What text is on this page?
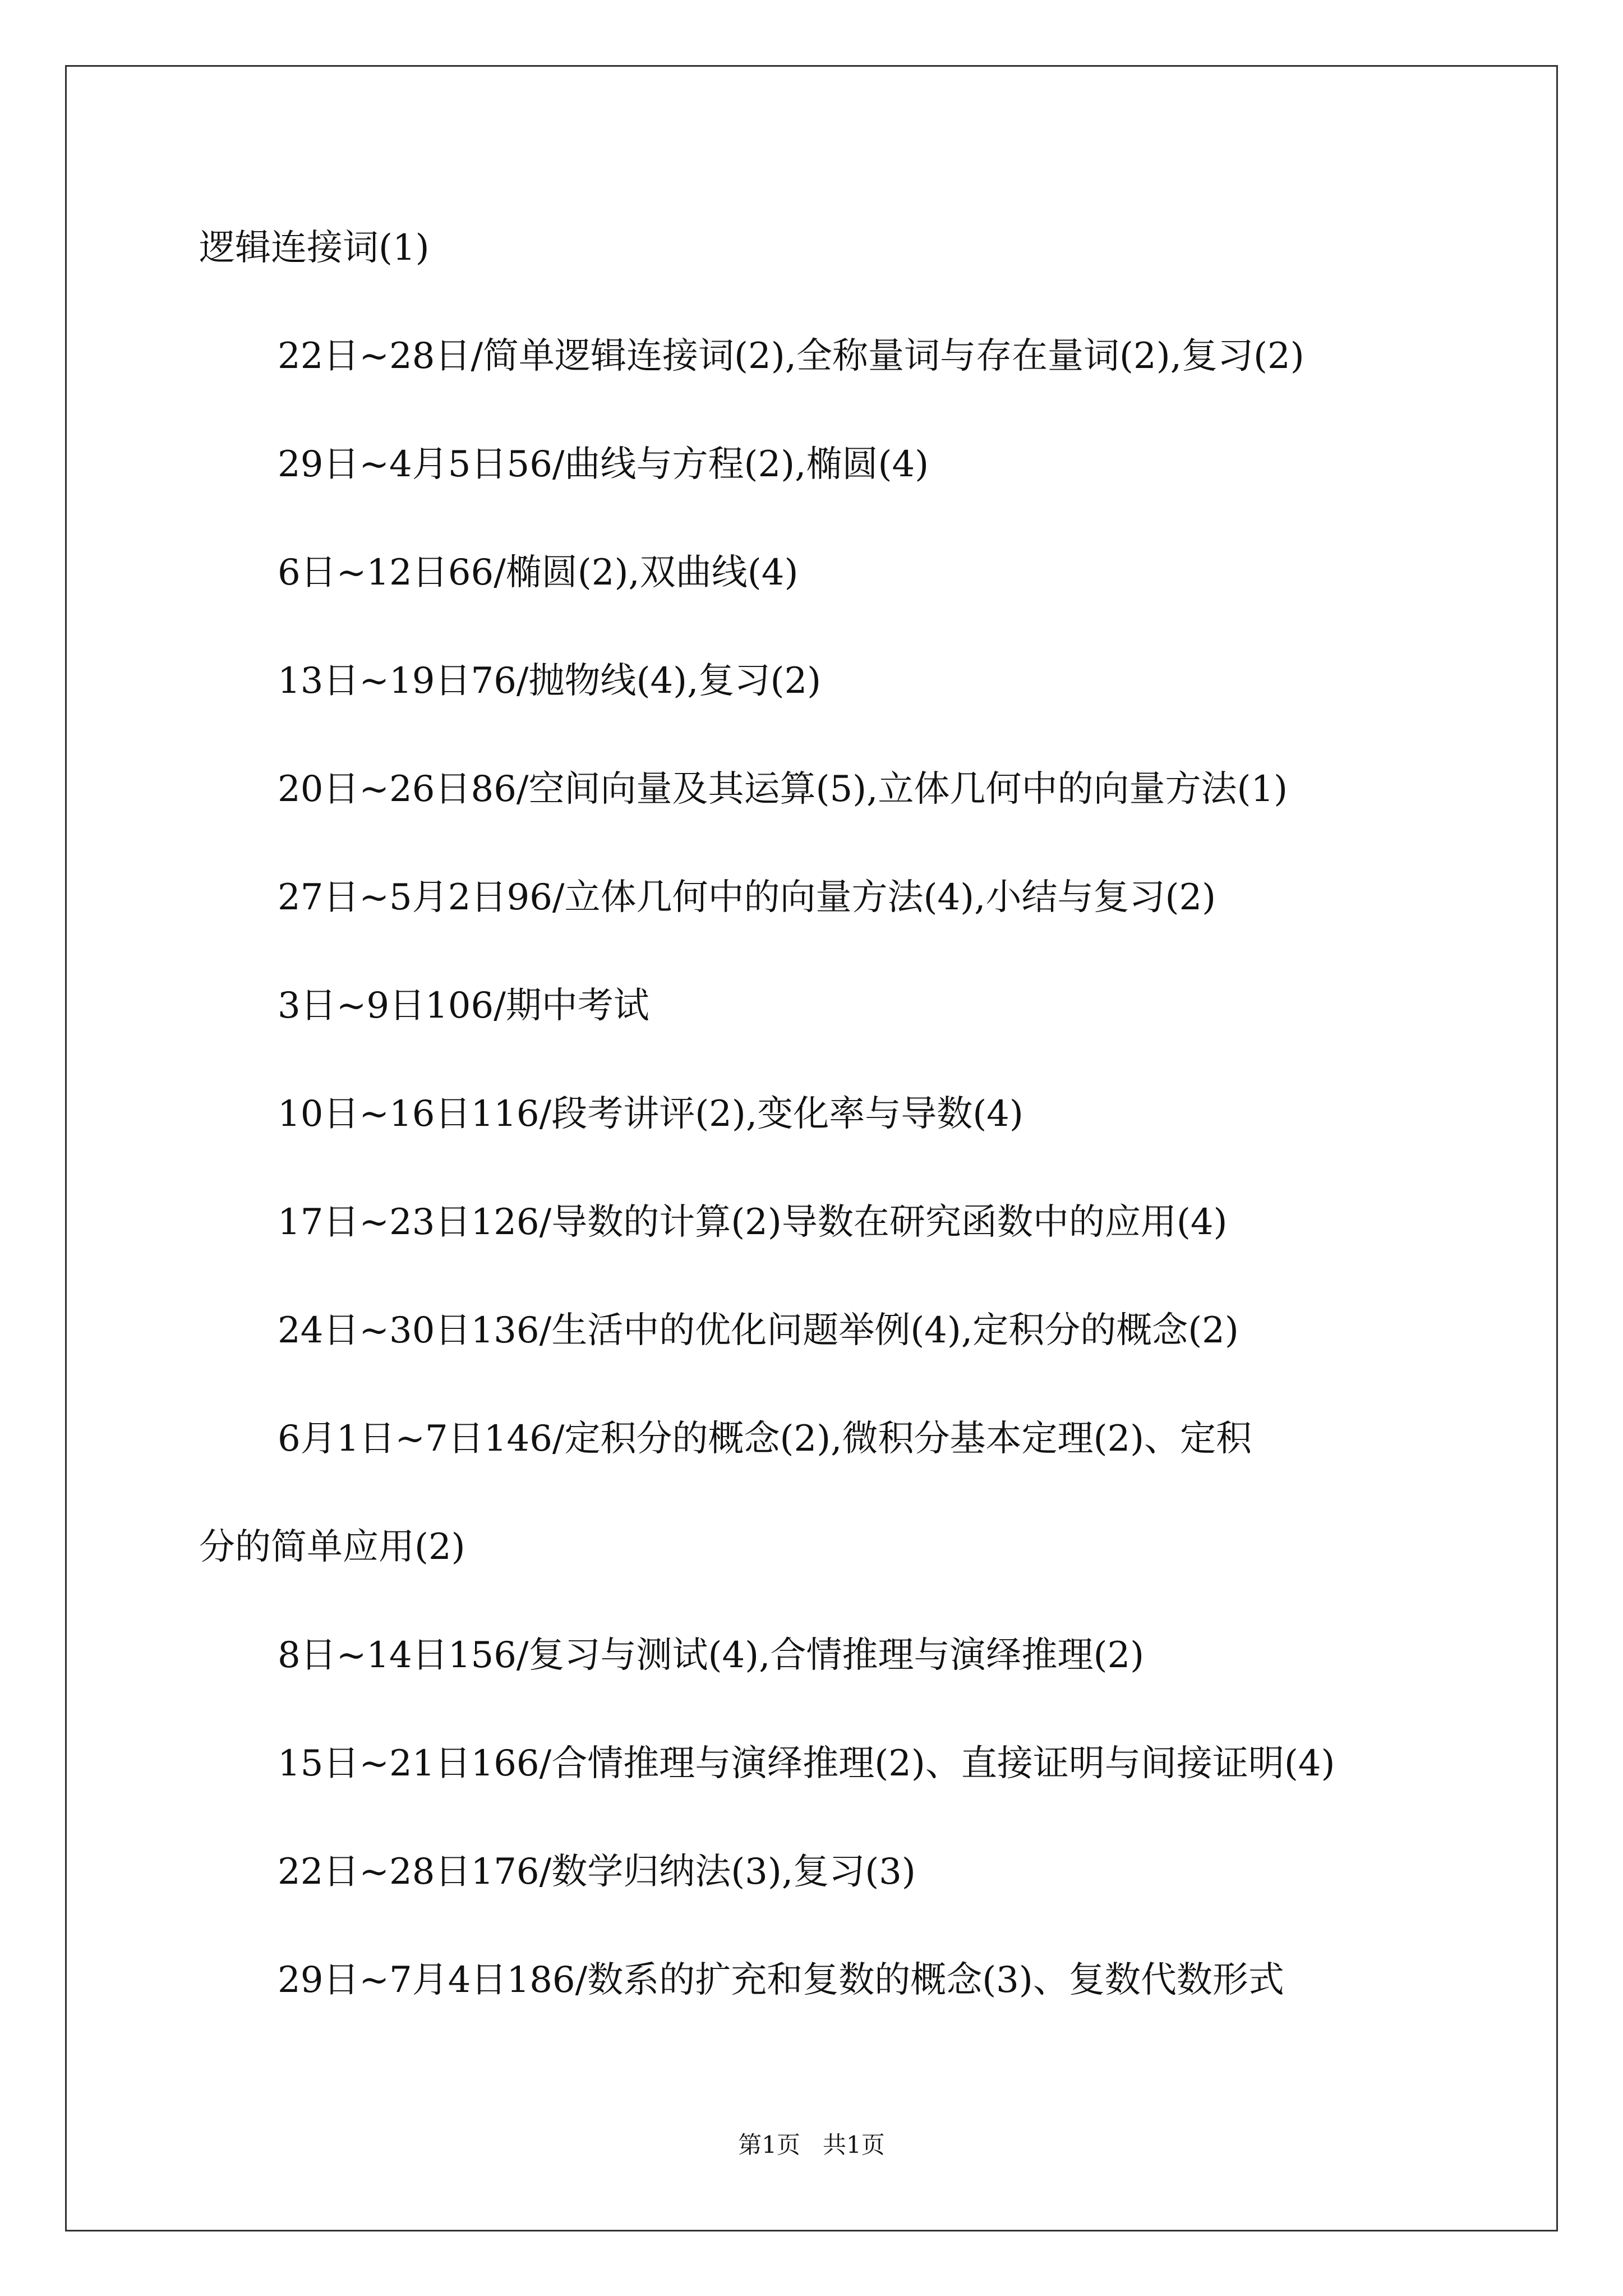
逻辑连接词(1)
22日~28日/简单逻辑连接词(2),全称量词与存在量词(2),复习(2)
29日~4月5日56/曲线与方程(2),椭圆(4)
6日~12日66/椭圆(2),双曲线(4)
13日~19日76/抛物线(4),复习(2)
20日~26日86/空间向量及其运算(5),立体几何中的向量方法(1)
27日~5月2日96/立体几何中的向量方法(4),小结与复习(2)
3日~9日106/期中考试
10日~16日116/段考讲评(2),变化率与导数(4)
17日~23日126/导数的计算(2)导数在研究函数中的应用(4)
24日~30日136/生活中的优化问题举例(4),定积分的概念(2)
6月1日~7日146/定积分的概念(2),微积分基本定理(2)、定积
分的简单应用(2)
8日~14日156/复习与测试(4),合情推理与演绎推理(2)
15日~21日166/合情推理与演绎推理(2)、直接证明与间接证明(4)
22日~28日176/数学归纳法(3),复习(3)
29日~7月4日186/数系的扩充和复数的概念(3)、复数代数形式
第1页   共1页
